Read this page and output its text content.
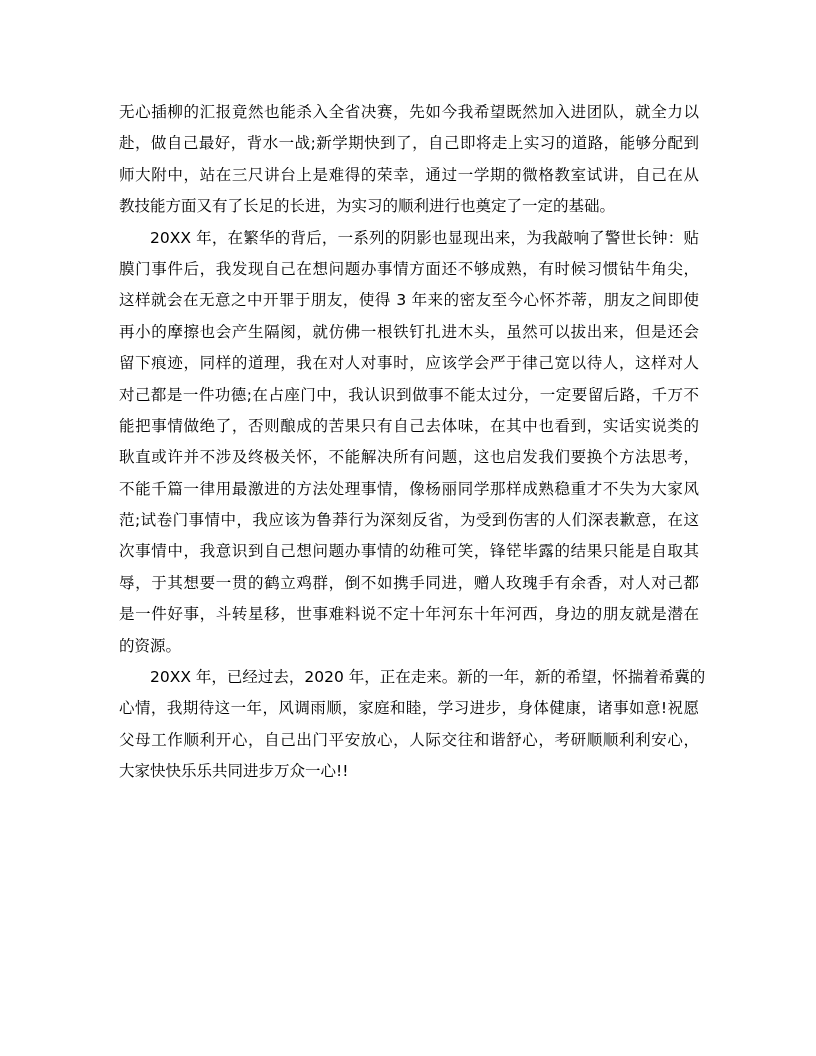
无心插柳的汇报竟然也能杀入全省决赛，先如今我希望既然加入进团队，就全力以
赴，做自己最好，背水一战;新学期快到了，自己即将走上实习的道路，能够分配到
师大附中，站在三尺讲台上是难得的荣幸，通过一学期的微格教室试讲，自己在从
教技能方面又有了长足的长进，为实习的顺利进行也奠定了一定的基础。
20XX 年，在繁华的背后，一系列的阴影也显现出来，为我敲响了警世长钟：贴
膜门事件后，我发现自己在想问题办事情方面还不够成熟，有时候习惯钻牛角尖，
这样就会在无意之中开罪于朋友，使得 3 年来的密友至今心怀芥蒂，朋友之间即使
再小的摩擦也会产生隔阂，就仿佛一根铁钉扎进木头，虽然可以拔出来，但是还会
留下痕迹，同样的道理，我在对人对事时，应该学会严于律己宽以待人，这样对人
对己都是一件功德;在占座门中，我认识到做事不能太过分，一定要留后路，千万不
能把事情做绝了，否则酿成的苦果只有自己去体味，在其中也看到，实话实说类的
耿直或许并不涉及终极关怀，不能解决所有问题，这也启发我们要换个方法思考，
不能千篇一律用最激进的方法处理事情，像杨丽同学那样成熟稳重才不失为大家风
范;试卷门事情中，我应该为鲁莽行为深刻反省，为受到伤害的人们深表歉意，在这
次事情中，我意识到自己想问题办事情的幼稚可笑，锋铓毕露的结果只能是自取其
辱，于其想要一贯的鹤立鸡群，倒不如携手同进，赠人玫瑰手有余香，对人对己都
是一件好事，斗转星移，世事难料说不定十年河东十年河西，身边的朋友就是潜在
的资源。
20XX 年，已经过去，2020 年，正在走来。新的一年，新的希望，怀揣着希冀的
心情，我期待这一年，风调雨顺，家庭和睦，学习进步，身体健康，诸事如意!祝愿
父母工作顺利开心，自己出门平安放心，人际交往和谐舒心，考研顺顺利利安心，
大家快快乐乐共同进步万众一心!!
